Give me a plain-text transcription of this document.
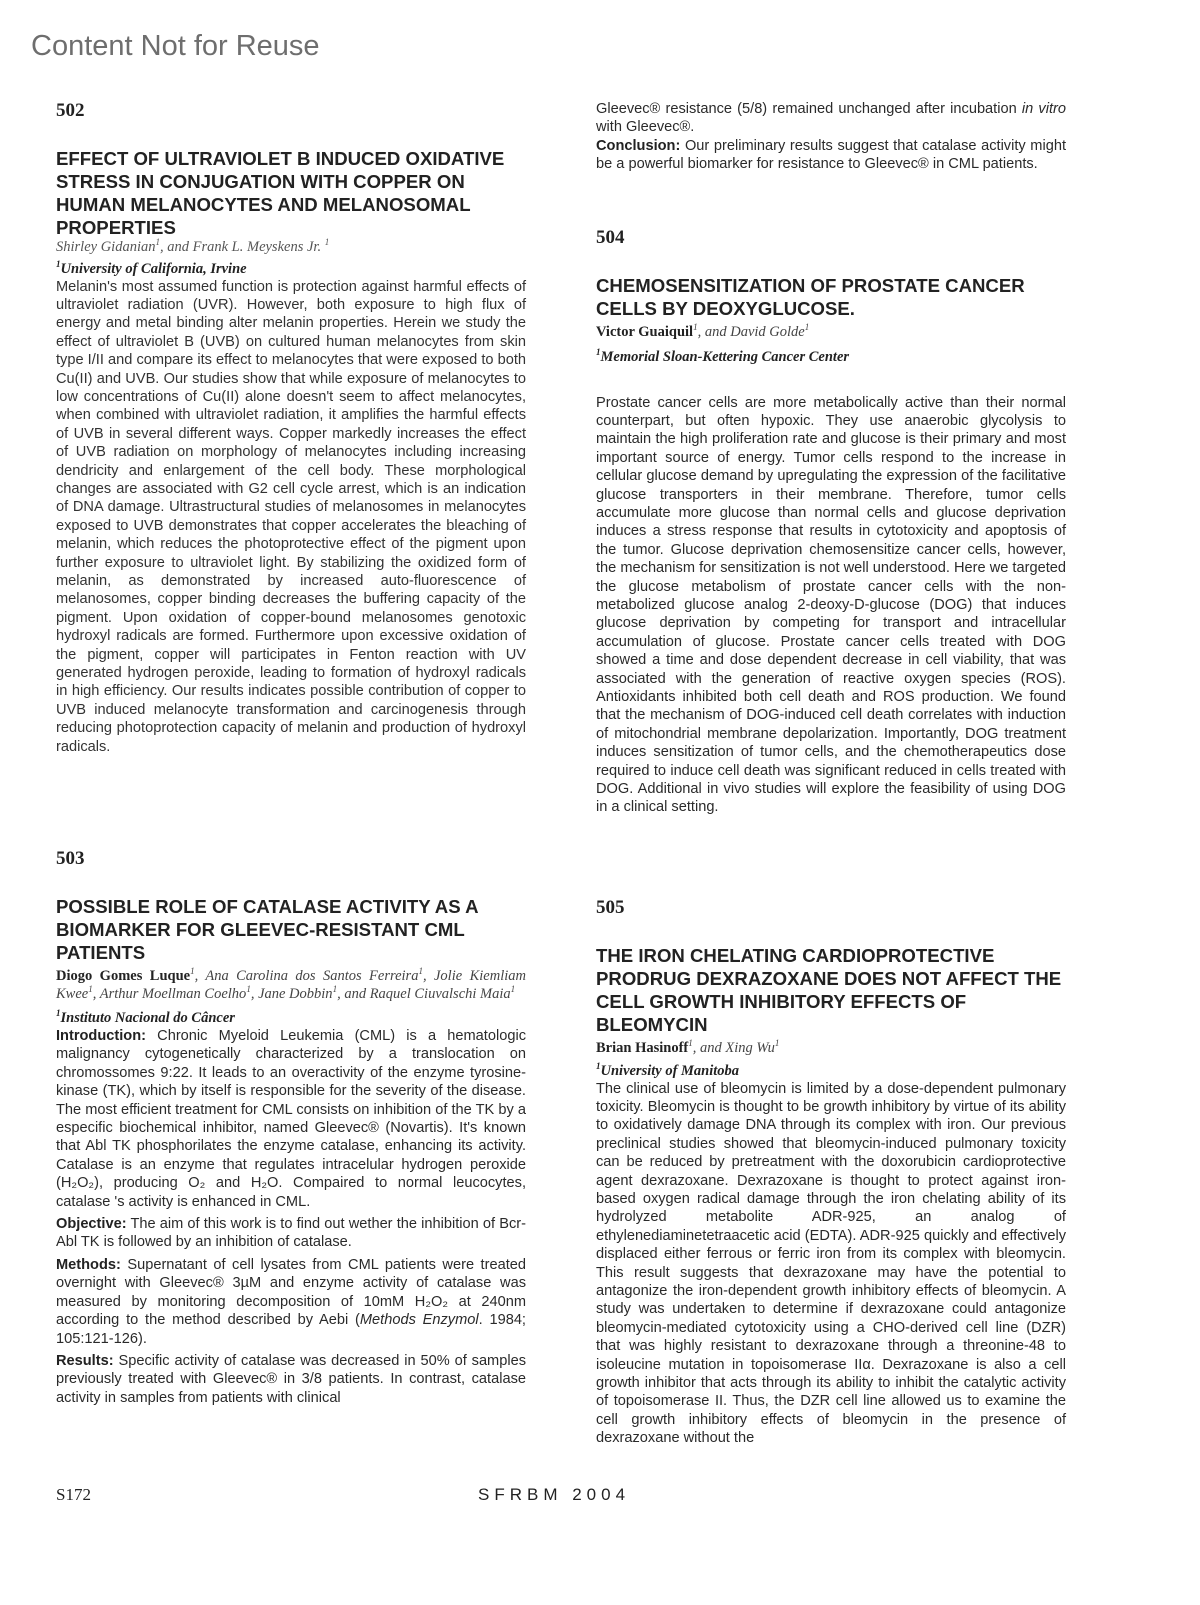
Content Not for Reuse
502
EFFECT OF ULTRAVIOLET B INDUCED OXIDATIVE STRESS IN CONJUGATION WITH COPPER ON HUMAN MELANOCYTES AND MELANOSOMAL PROPERTIES
Shirley Gidanian$^1$, and Frank L. Meyskens Jr. $^1$
$^1$University of California, Irvine

Melanin's most assumed function is protection against harmful effects of ultraviolet radiation (UVR). However, both exposure to high flux of energy and metal binding alter melanin properties. Herein we study the effect of ultraviolet B (UVB) on cultured human melanocytes from skin type I/II and compare its effect to melanocytes that were exposed to both Cu(II) and UVB. Our studies show that while exposure of melanocytes to low concentrations of Cu(II) alone doesn't seem to affect melanocytes, when combined with ultraviolet radiation, it amplifies the harmful effects of UVB in several different ways. Copper markedly increases the effect of UVB radiation on morphology of melanocytes including increasing dendricity and enlargement of the cell body. These morphological changes are associated with G2 cell cycle arrest, which is an indication of DNA damage. Ultrastructural studies of melanosomes in melanocytes exposed to UVB demonstrates that copper accelerates the bleaching of melanin, which reduces the photoprotective effect of the pigment upon further exposure to ultraviolet light. By stabilizing the oxidized form of melanin, as demonstrated by increased auto-fluorescence of melanosomes, copper binding decreases the buffering capacity of the pigment. Upon oxidation of copper-bound melanosomes genotoxic hydroxyl radicals are formed. Furthermore upon excessive oxidation of the pigment, copper will participates in Fenton reaction with UV generated hydrogen peroxide, leading to formation of hydroxyl radicals in high efficiency. Our results indicates possible contribution of copper to UVB induced melanocyte transformation and carcinogenesis through reducing photoprotection capacity of melanin and production of hydroxyl radicals.

503
POSSIBLE ROLE OF CATALASE ACTIVITY AS A BIOMARKER FOR GLEEVEC-RESISTANT CML PATIENTS
Diogo Gomes Luque$^1$, Ana Carolina dos Santos Ferreira$^1$, Jolie Kiemliam Kwee$^1$, Arthur Moellman Coelho$^1$, Jane Dobbin$^1$, and Raquel Ciuvalschi Maia$^1$
$^1$Instituto Nacional do Câncer

Introduction: Chronic Myeloid Leukemia (CML) is a hematologic malignancy cytogenetically characterized by a translocation on chromossomes 9:22. It leads to an overactivity of the enzyme tyrosine-kinase (TK), which by itself is responsible for the severity of the disease. The most efficient treatment for CML consists on inhibition of the TK by a especific biochemical inhibitor, named Gleevec® (Novartis). It's known that Abl TK phosphorilates the enzyme catalase, enhancing its activity. Catalase is an enzyme that regulates intracelular hydrogen peroxide (H₂O₂), producing O₂ and H₂O. Compaired to normal leucocytes, catalase 's activity is enhanced in CML.

Objective: The aim of this work is to find out wether the inhibition of Bcr-Abl TK is followed by an inhibition of catalase.

Methods: Supernatant of cell lysates from CML patients were treated overnight with Gleevec® 3µM and enzyme activity of catalase was measured by monitoring decomposition of 10mM H₂O₂ at 240nm according to the method described by Aebi (Methods Enzymol. 1984; 105:121-126).

Results: Specific activity of catalase was decreased in 50% of samples previously treated with Gleevec® in 3/8 patients. In contrast, catalase activity in samples from patients with clinical

Gleevec® resistance (5/8) remained unchanged after incubation in vitro with Gleevec®.

Conclusion: Our preliminary results suggest that catalase activity might be a powerful biomarker for resistance to Gleevec® in CML patients.

504
CHEMOSENSITIZATION OF PROSTATE CANCER CELLS BY DEOXYGLUCOSE.
Victor Guaiquil$^1$, and David Golde$^1$
$^1$Memorial Sloan-Kettering Cancer Center

Prostate cancer cells are more metabolically active than their normal counterpart, but often hypoxic. They use anaerobic glycolysis to maintain the high proliferation rate and glucose is their primary and most important source of energy. Tumor cells respond to the increase in cellular glucose demand by upregulating the expression of the facilitative glucose transporters in their membrane. Therefore, tumor cells accumulate more glucose than normal cells and glucose deprivation induces a stress response that results in cytotoxicity and apoptosis of the tumor. Glucose deprivation chemosensitize cancer cells, however, the mechanism for sensitization is not well understood. Here we targeted the glucose metabolism of prostate cancer cells with the non-metabolized glucose analog 2-deoxy-D-glucose (DOG) that induces glucose deprivation by competing for transport and intracellular accumulation of glucose. Prostate cancer cells treated with DOG showed a time and dose dependent decrease in cell viability, that was associated with the generation of reactive oxygen species (ROS). Antioxidants inhibited both cell death and ROS production. We found that the mechanism of DOG-induced cell death correlates with induction of mitochondrial membrane depolarization. Importantly, DOG treatment induces sensitization of tumor cells, and the chemotherapeutics dose required to induce cell death was significant reduced in cells treated with DOG. Additional in vivo studies will explore the feasibility of using DOG in a clinical setting.

505
THE IRON CHELATING CARDIOPROTECTIVE PRODRUG DEXRAZOXANE DOES NOT AFFECT THE CELL GROWTH INHIBITORY EFFECTS OF BLEOMYCIN
Brian Hasinoff$^1$, and Xing Wu$^1$
$^1$University of Manitoba

The clinical use of bleomycin is limited by a dose-dependent pulmonary toxicity. Bleomycin is thought to be growth inhibitory by virtue of its ability to oxidatively damage DNA through its complex with iron. Our previous preclinical studies showed that bleomycin-induced pulmonary toxicity can be reduced by pretreatment with the doxorubicin cardioprotective agent dexrazoxane. Dexrazoxane is thought to protect against iron-based oxygen radical damage through the iron chelating ability of its hydrolyzed metabolite ADR-925, an analog of ethylenediaminetetraacetic acid (EDTA). ADR-925 quickly and effectively displaced either ferrous or ferric iron from its complex with bleomycin. This result suggests that dexrazoxane may have the potential to antagonize the iron-dependent growth inhibitory effects of bleomycin. A study was undertaken to determine if dexrazoxane could antagonize bleomycin-mediated cytotoxicity using a CHO-derived cell line (DZR) that was highly resistant to dexrazoxane through a threonine-48 to isoleucine mutation in topoisomerase IIα. Dexrazoxane is also a cell growth inhibitor that acts through its ability to inhibit the catalytic activity of topoisomerase II. Thus, the DZR cell line allowed us to examine the cell growth inhibitory effects of bleomycin in the presence of dexrazoxane without the

S172	SFRBM 2004
